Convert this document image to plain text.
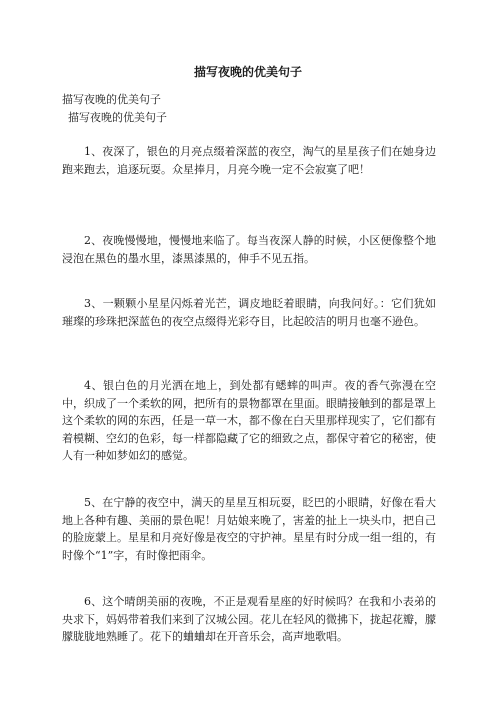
描写夜晚的优美句子

描写夜晚的优美句子

描写夜晚的优美句子

1、夜深了，银色的月亮点缀着深蓝的夜空，淘气的星星孩子们在她身边跑来跑去，追逐玩耍。众星捧月，月亮今晚一定不会寂寞了吧！

2、夜晚慢慢地，慢慢地来临了。每当夜深人静的时候，小区便像整个地浸泡在黑色的墨水里，漆黑漆黑的，伸手不见五指。

3、一颗颗小星星闪烁着光芒，调皮地眨着眼睛，向我问好。：它们犹如璀璨的珍珠把深蓝色的夜空点缀得光彩夺目，比起皎洁的明月也毫不逊色。

4、银白色的月光洒在地上，到处都有蟋蟀的叫声。夜的香气弥漫在空中，织成了一个柔软的网，把所有的景物都罩在里面。眼睛接触到的都是罩上这个柔软的网的东西，任是一草一木，都不像在白天里那样现实了，它们都有着模糊、空幻的色彩，每一样都隐藏了它的细致之点，都保守着它的秘密，使人有一种如梦如幻的感觉。

5、在宁静的夜空中，满天的星星互相玩耍，眨巴的小眼睛，好像在看大地上各种有趣、美丽的景色呢！月姑娘来晚了，害羞的扯上一块头巾，把自己的脸庞蒙上。星星和月亮好像是夜空的守护神。星星有时分成一组一组的，有时像个“1”字，有时像把雨伞。

6、这个晴朗美丽的夜晚，不正是观看星座的好时候吗？在我和小表弟的央求下，妈妈带着我们来到了汉城公园。花儿在轻风的微拂下，拢起花瓣，朦朦胧胧地熟睡了。花下的蛐蛐却在开音乐会，高声地歌唱。
